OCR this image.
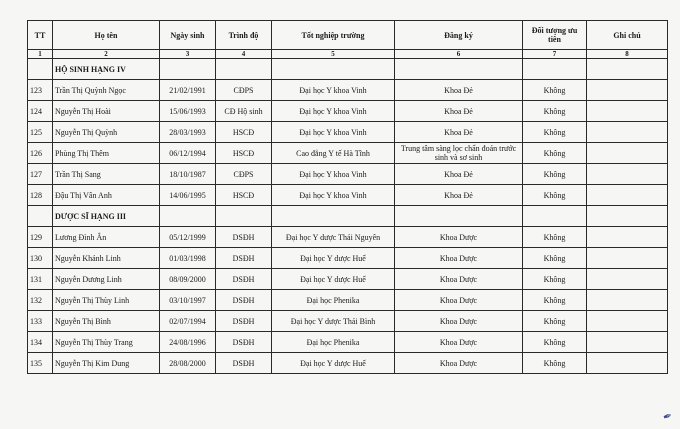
TT	Họ tên	Ngày sinh	Trình độ	Tốt nghiệp trường	Đăng ký	Đối tượng ưu tiên	Ghi chú
1	2	3	4	5	6	7	8
	HỘ SINH HẠNG IV						
123	Trần Thị Quỳnh Ngọc	21/02/1991	CĐPS	Đại học Y khoa Vinh	Khoa Đẻ	Không	
124	Nguyễn Thị Hoài	15/06/1993	CĐ Hộ sinh	Đại học Y khoa Vinh	Khoa Đẻ	Không	
125	Nguyễn Thị Quỳnh	28/03/1993	HSCĐ	Đại học Y khoa Vinh	Khoa Đẻ	Không	
126	Phùng Thị Thêm	06/12/1994	HSCĐ	Cao đẳng Y tế Hà Tĩnh	Trung tâm sàng lọc chẩn đoán trước sinh và sơ sinh	Không	
127	Trần Thị Sang	18/10/1987	CĐPS	Đại học Y khoa Vinh	Khoa Đẻ	Không	
128	Đậu Thị Vân Anh	14/06/1995	HSCĐ	Đại học Y khoa Vinh	Khoa Đẻ	Không	
	DƯỢC SĨ HẠNG III						
129	Lương Đình Ân	05/12/1999	DSĐH	Đại học Y dược Thái Nguyên	Khoa Dược	Không	
130	Nguyễn Khánh Linh	01/03/1998	DSĐH	Đại học Y dược Huế	Khoa Dược	Không	
131	Nguyễn Dương Linh	08/09/2000	DSĐH	Đại học Y dược Huế	Khoa Dược	Không	
132	Nguyễn Thị Thùy Linh	03/10/1997	DSĐH	Đại học Phenika	Khoa Dược	Không	
133	Nguyễn Thị Bình	02/07/1994	DSĐH	Đại học Y dược Thái Bình	Khoa Dược	Không	
134	Nguyễn Thị Thùy Trang	24/08/1996	DSĐH	Đại học Phenika	Khoa Dược	Không	
135	Nguyễn Thị Kim Dung	28/08/2000	DSĐH	Đại học Y dược Huế	Khoa Dược	Không	
✒
